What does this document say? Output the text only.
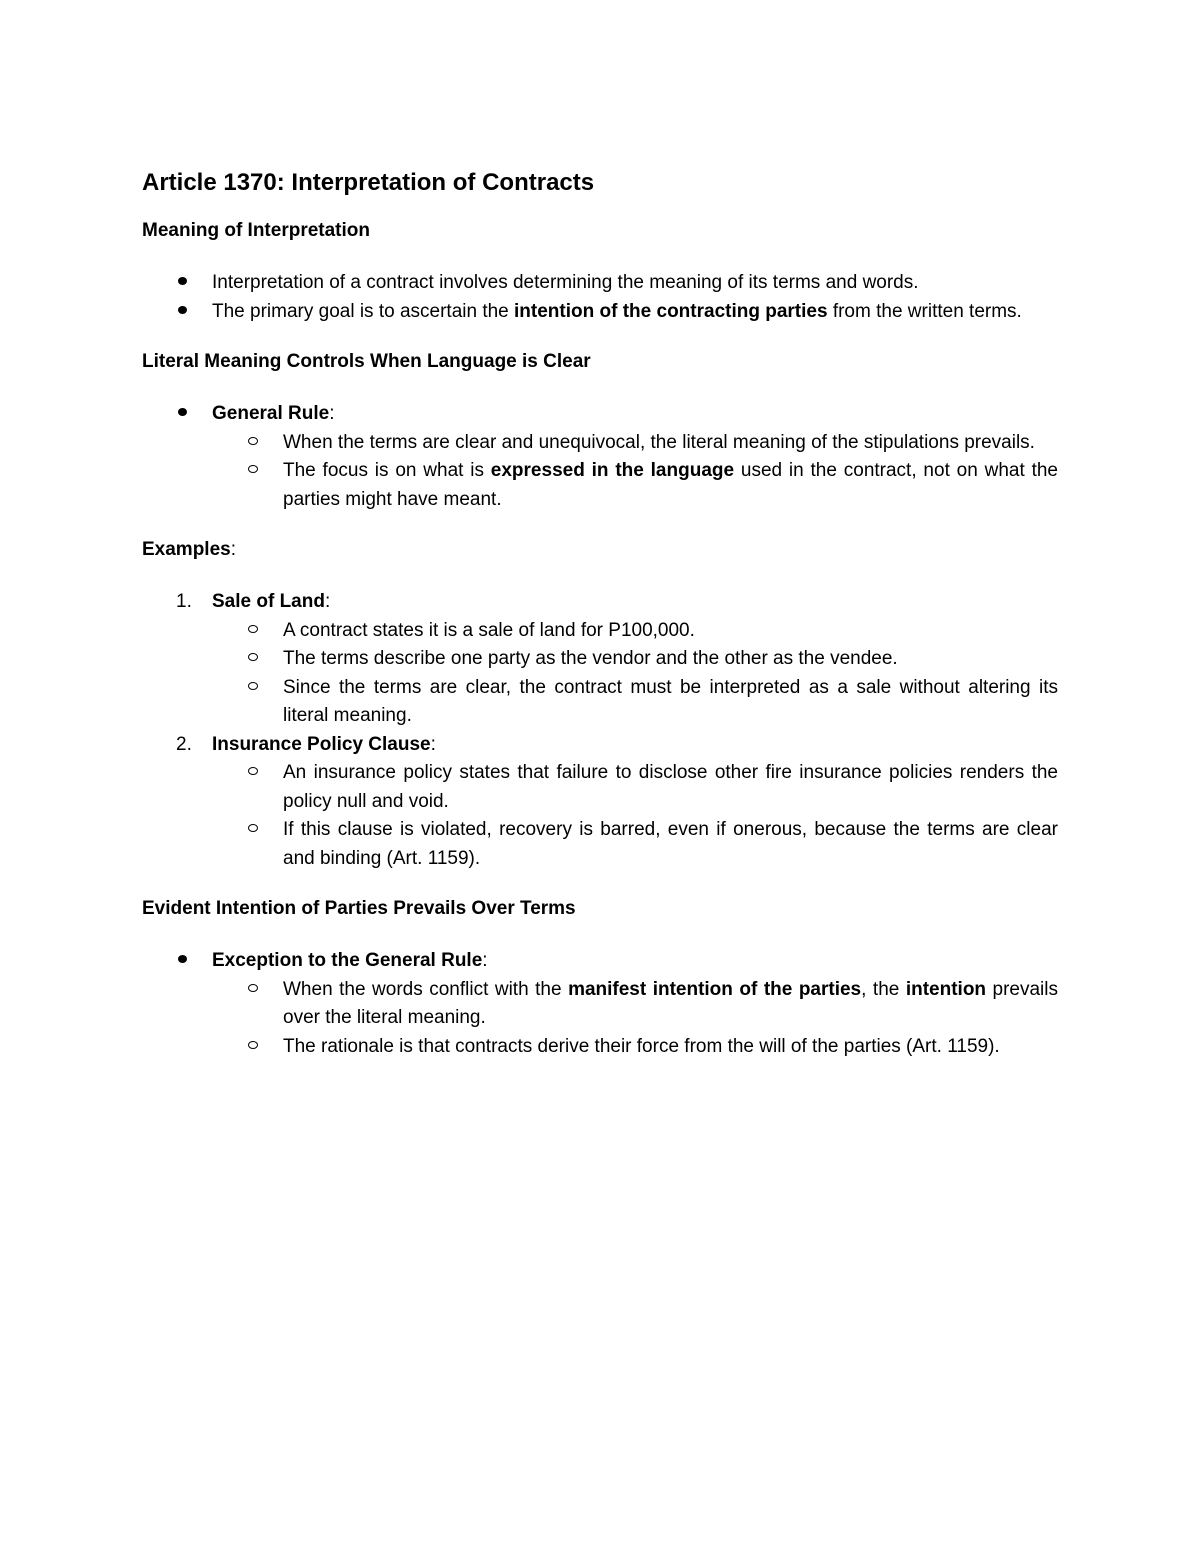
Article 1370: Interpretation of Contracts
Meaning of Interpretation
Interpretation of a contract involves determining the meaning of its terms and words.
The primary goal is to ascertain the intention of the contracting parties from the written terms.
Literal Meaning Controls When Language is Clear
General Rule:
When the terms are clear and unequivocal, the literal meaning of the stipulations prevails.
The focus is on what is expressed in the language used in the contract, not on what the parties might have meant.
Examples:
1. Sale of Land:
A contract states it is a sale of land for P100,000.
The terms describe one party as the vendor and the other as the vendee.
Since the terms are clear, the contract must be interpreted as a sale without altering its literal meaning.
2. Insurance Policy Clause:
An insurance policy states that failure to disclose other fire insurance policies renders the policy null and void.
If this clause is violated, recovery is barred, even if onerous, because the terms are clear and binding (Art. 1159).
Evident Intention of Parties Prevails Over Terms
Exception to the General Rule:
When the words conflict with the manifest intention of the parties, the intention prevails over the literal meaning.
The rationale is that contracts derive their force from the will of the parties (Art. 1159).
